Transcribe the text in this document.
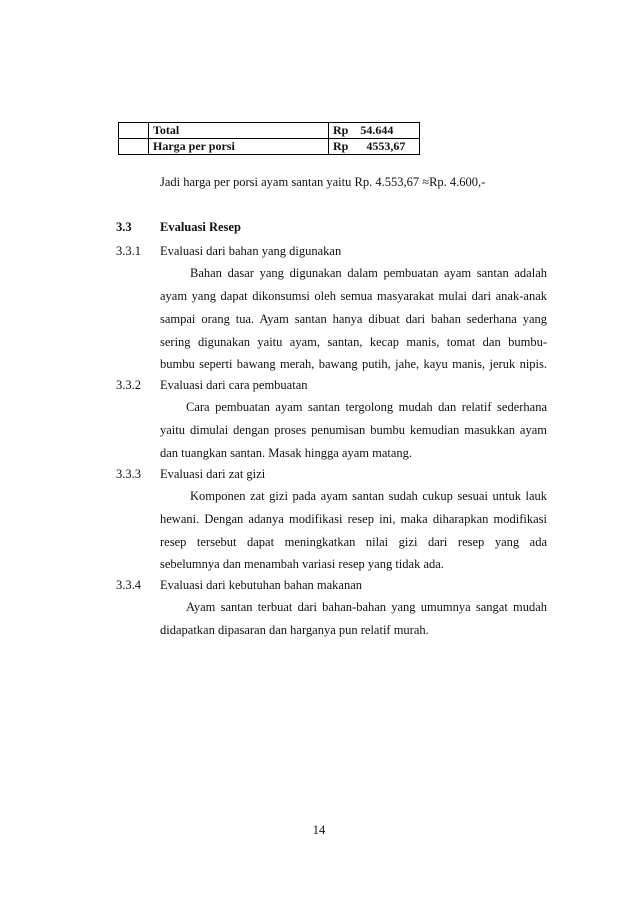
	Total	Rp    54.644
	Harga per porsi	Rp      4553,67
Jadi harga per porsi ayam santan yaitu Rp. 4.553,67 ≈Rp. 4.600,-
3.3 Evaluasi Resep
3.3.1 Evaluasi dari bahan yang digunakan
Bahan dasar yang digunakan dalam pembuatan ayam santan adalah
ayam yang dapat dikonsumsi oleh semua masyarakat mulai dari anak-anak
sampai orang tua. Ayam santan hanya dibuat dari bahan sederhana yang
sering digunakan yaitu ayam, santan, kecap manis, tomat dan bumbu-
bumbu seperti bawang merah, bawang putih, jahe, kayu manis, jeruk nipis.
3.3.2 Evaluasi dari cara pembuatan
Cara pembuatan ayam santan tergolong mudah dan relatif sederhana
yaitu dimulai dengan proses penumisan bumbu kemudian masukkan ayam
dan tuangkan santan. Masak hingga ayam matang.
3.3.3 Evaluasi dari zat gizi
Komponen zat gizi pada ayam santan sudah cukup sesuai untuk lauk
hewani. Dengan adanya modifikasi resep ini, maka diharapkan modifikasi
resep tersebut dapat meningkatkan nilai gizi dari resep yang ada
sebelumnya dan menambah variasi resep yang tidak ada.
3.3.4 Evaluasi dari kebutuhan bahan makanan
Ayam santan terbuat dari bahan-bahan yang umumnya sangat mudah
didapatkan dipasaran dan harganya pun relatif murah.
14
